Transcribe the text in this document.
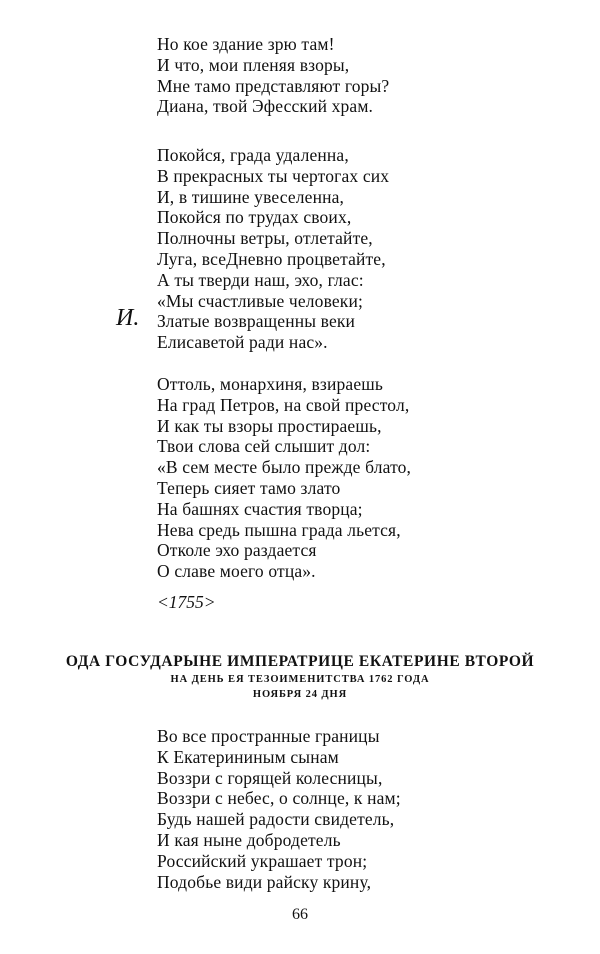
Но кое здание зрю там!
И что, мои пленяя взоры,
Мне тамо представляют горы?
Диана, твой Эфесский храм.
Покойся, града удаленна,
В прекрасных ты чертогах сих
И, в тишине увеселенна,
Покойся по трудах своих,
Полночны ветры, отлетайте,
Луга, всеДневно процветайте,
А ты тверди наш, эхо, глас:
«Мы счастливые человеки;
Златые возвращенны веки
Елисаветой ради нас».
И.
Оттоль, монархиня, взираешь
На град Петров, на свой престол,
И как ты взоры простираешь,
Твои слова сей слышит дол:
«В сем месте было прежде блато,
Теперь сияет тамо злато
На башнях счастия творца;
Нева средь пышна града льется,
Отколе эхо раздается
О славе моего отца».
<1755>
ОДА ГОСУДАРЫНЕ ИМПЕРАТРИЦЕ ЕКАТЕРИНЕ ВТОРОЙ
НА ДЕНЬ ЕЯ ТЕЗОИМЕНИТСТВА 1762 ГОДА
НОЯБРЯ 24 ДНЯ
Во все пространные границы
К Екатерининым сынам
Воззри с горящей колесницы,
Воззри с небес, о солнце, к нам;
Будь нашей радости свидетель,
И кая ныне добродетель
Российский украшает трон;
Подобье види райску крину,
66
